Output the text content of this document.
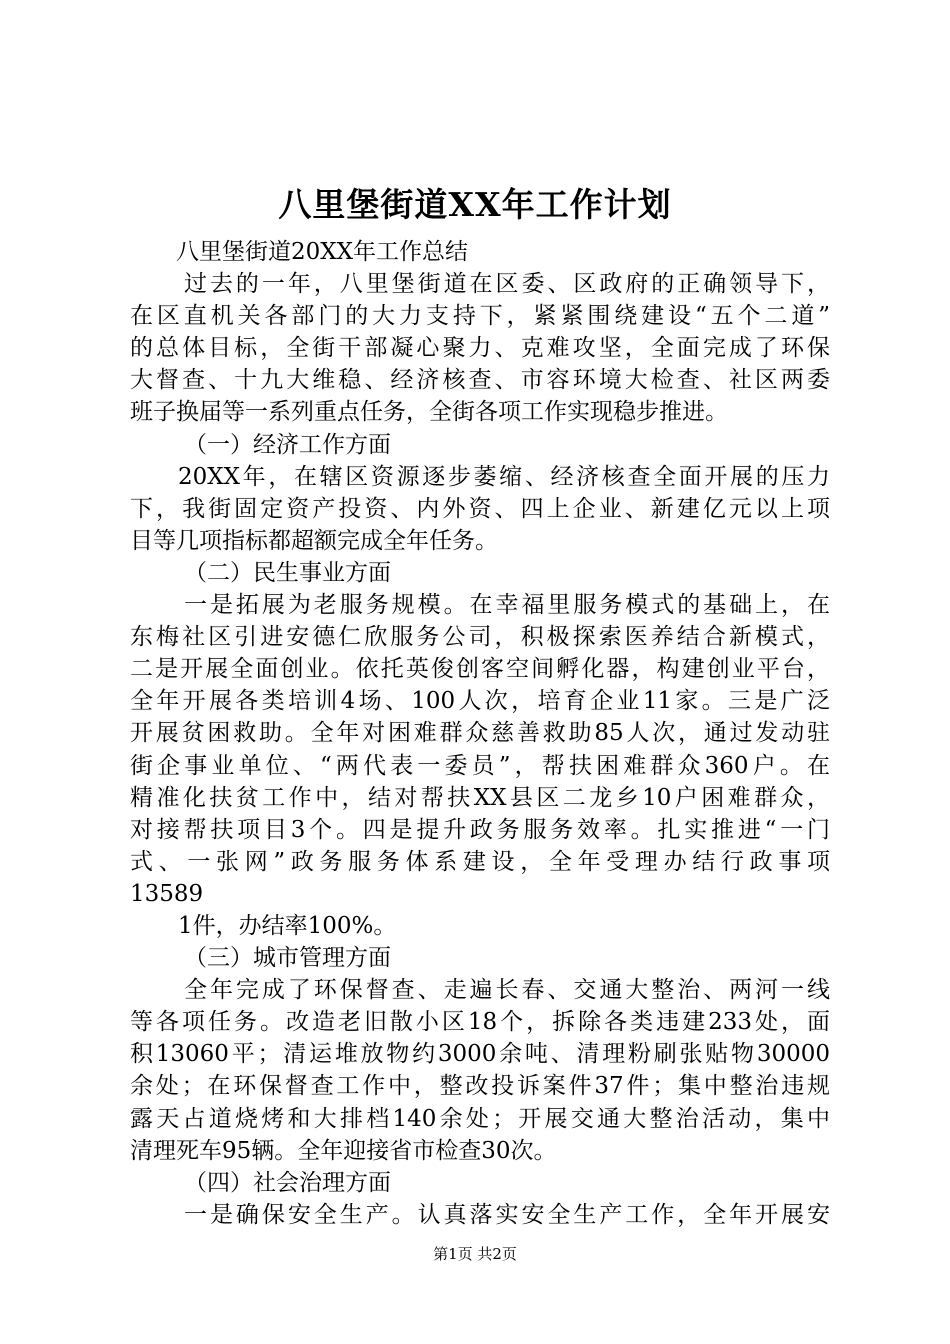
八里堡街道XX年工作计划
八里堡街道20XX年工作总结
过去的一年，八里堡街道在区委、区政府的正确领导下，
在区直机关各部门的大力支持下，紧紧围绕建设“五个二道”
的总体目标，全街干部凝心聚力、克难攻坚，全面完成了环保
大督查、十九大维稳、经济核查、市容环境大检查、社区两委
班子换届等一系列重点任务，全街各项工作实现稳步推进。
（一）经济工作方面
20XX年，在辖区资源逐步萎缩、经济核查全面开展的压力
下，我街固定资产投资、内外资、四上企业、新建亿元以上项
目等几项指标都超额完成全年任务。
（二）民生事业方面
一是拓展为老服务规模。在幸福里服务模式的基础上，在
东梅社区引进安德仁欣服务公司，积极探索医养结合新模式，
二是开展全面创业。依托英俊创客空间孵化器，构建创业平台，
全年开展各类培训4场、100人次，培育企业11家。三是广泛
开展贫困救助。全年对困难群众慈善救助85人次，通过发动驻
街企事业单位、“两代表一委员”，帮扶困难群众360户。在
精准化扶贫工作中，结对帮扶XX县区二龙乡10户困难群众，
对接帮扶项目3个。四是提升政务服务效率。扎实推进“一门
式、一张网”政务服务体系建设，全年受理办结行政事项
13589
1件，办结率100%。
（三）城市管理方面
全年完成了环保督查、走遍长春、交通大整治、两河一线
等各项任务。改造老旧散小区18个，拆除各类违建233处，面
积13060平；清运堆放物约3000余吨、清理粉刷张贴物30000
余处；在环保督查工作中，整改投诉案件37件；集中整治违规
露天占道烧烤和大排档140余处；开展交通大整治活动，集中
清理死车95辆。全年迎接省市检查30次。
（四）社会治理方面
一是确保安全生产。认真落实安全生产工作，全年开展安
第1页 共2页
